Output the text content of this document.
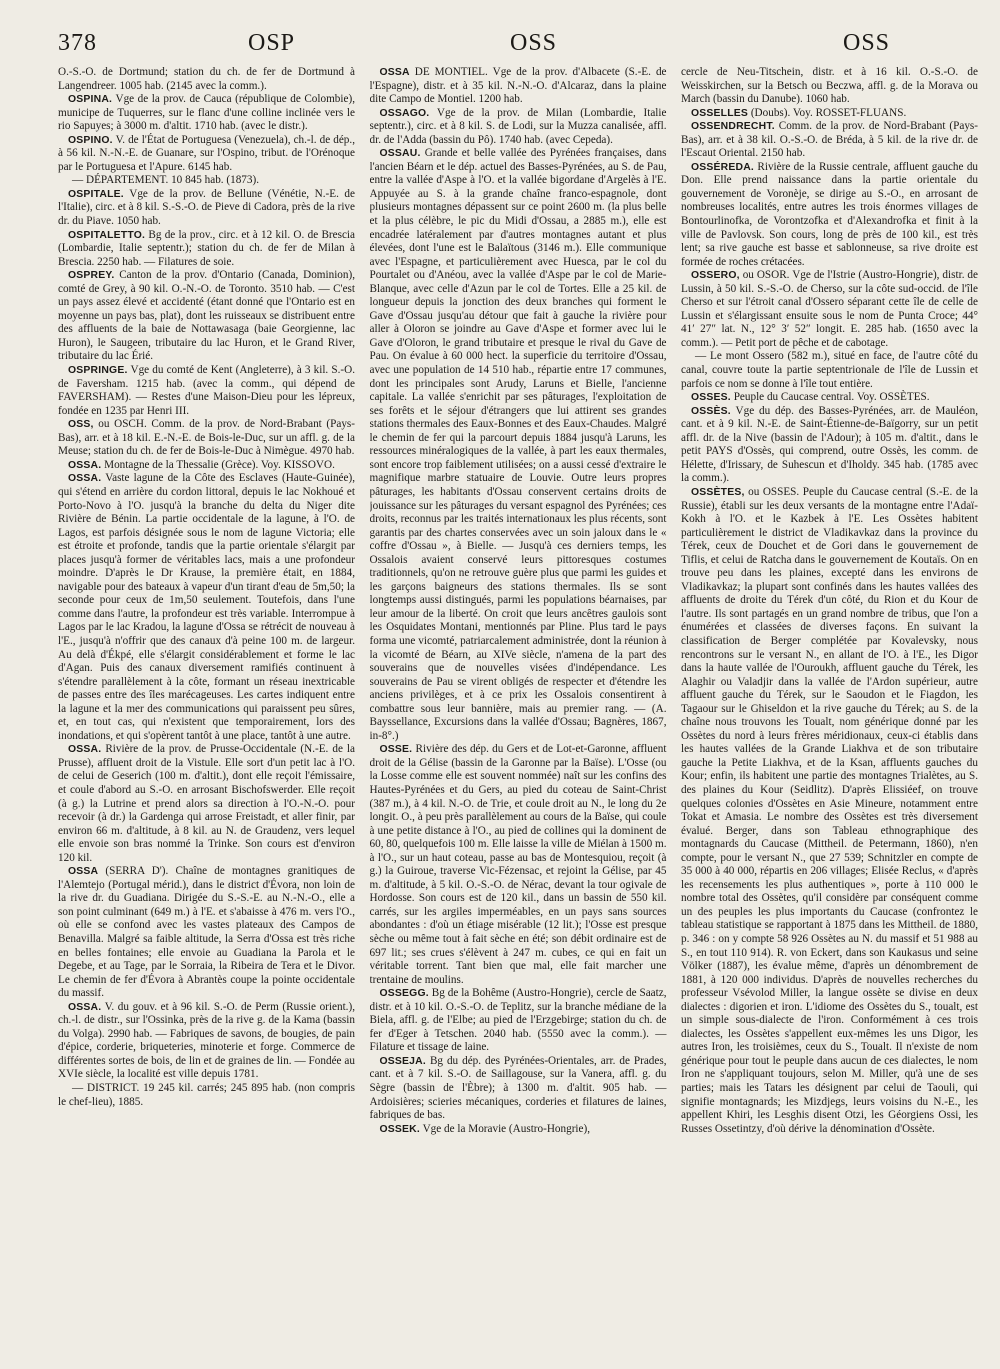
378	OSP	OSS	OSS

O.-S.-O. de Dortmund; station du ch. de fer de Dortmund à Langendreer. 1005 hab. (2145 avec la comm.).

OSPINA. Vge de la prov. de Cauca (république de Colombie), municipe de Tuquerres, sur le flanc d'une colline inclinée vers le rio Sapuyes; à 3000 m. d'altit. 1710 hab. (avec le distr.).

OSPINO. V. de l'État de Portuguesa (Venezuela), ch.-l. de dép., à 56 kil. N.-N.-E. de Guanare, sur l'Ospino, tribut. de l'Orénoque par le Portuguesa et l'Apure. 6145 hab.

— DÉPARTEMENT. 10 845 hab. (1873).

OSPITALE. Vge de la prov. de Bellune (Vénétie, N.-E. de l'Italie), circ. et à 8 kil. S.-S.-O. de Pieve di Cadora, près de la rive dr. du Piave. 1050 hab.

OSPITALETTO. Bg de la prov., circ. et à 12 kil. O. de Brescia (Lombardie, Italie septentr.); station du ch. de fer de Milan à Brescia. 2250 hab. — Filatures de soie.

OSPREY. Canton de la prov. d'Ontario (Canada, Dominion), comté de Grey, à 90 kil. O.-N.-O. de Toronto. 3510 hab. — C'est un pays assez élevé et accidenté (étant donné que l'Ontario est en moyenne un pays bas, plat), dont les ruisseaux se distribuent entre des affluents de la baie de Nottawasaga (baie Georgienne, lac Huron), le Saugeen, tributaire du lac Huron, et le Grand River, tributaire du lac Érié.

OSPRINGE. Vge du comté de Kent (Angleterre), à 3 kil. S.-O. de Faversham. 1215 hab. (avec la comm., qui dépend de FAVERSHAM). — Restes d'une Maison-Dieu pour les lépreux, fondée en 1235 par Henri III.

OSS, ou OSCH. Comm. de la prov. de Nord-Brabant (Pays-Bas), arr. et à 18 kil. E.-N.-E. de Bois-le-Duc, sur un affl. g. de la Meuse; station du ch. de fer de Bois-le-Duc à Nimègue. 4970 hab.

OSSA. Montagne de la Thessalie (Grèce). Voy. KISSOVO.

OSSA. Vaste lagune de la Côte des Esclaves (Haute-Guinée), qui s'étend en arrière du cordon littoral, depuis le lac Nokhoué et Porto-Novo à l'O. jusqu'à la branche du delta du Niger dite Rivière de Bénin. La partie occidentale de la lagune, à l'O. de Lagos, est parfois désignée sous le nom de lagune Victoria; elle est étroite et profonde, tandis que la partie orientale s'élargit par places jusqu'à former de véritables lacs, mais a une profondeur moindre. D'après le Dr Krause, la première était, en 1884, navigable pour des bateaux à vapeur d'un tirant d'eau de 5m,50; la seconde pour ceux de 1m,50 seulement. Toutefois, dans l'une comme dans l'autre, la profondeur est très variable. Interrompue à Lagos par le lac Kradou, la lagune d'Ossa se rétrécit de nouveau à l'E., jusqu'à n'offrir que des canaux d'à peine 100 m. de largeur. Au delà d'Ékpé, elle s'élargit considérablement et forme le lac d'Agan. Puis des canaux diversement ramifiés continuent à s'étendre parallèlement à la côte, formant un réseau inextricable de passes entre des îles marécageuses. Les cartes indiquent entre la lagune et la mer des communications qui paraissent peu sûres, et, en tout cas, qui n'existent que temporairement, lors des inondations, et qui s'opèrent tantôt à une place, tantôt à une autre.

OSSA. Rivière de la prov. de Prusse-Occidentale (N.-E. de la Prusse), affluent droit de la Vistule. Elle sort d'un petit lac à l'O. de celui de Geserich (100 m. d'altit.), dont elle reçoit l'émissaire, et coule d'abord au S.-O. en arrosant Bischofswerder. Elle reçoit (à g.) la Lutrine et prend alors sa direction à l'O.-N.-O. pour recevoir (à dr.) la Gardenga qui arrose Freistadt, et aller finir, par environ 66 m. d'altitude, à 8 kil. au N. de Graudenz, vers lequel elle envoie son bras nommé la Trinke. Son cours est d'environ 120 kil.

OSSA (SERRA D'). Chaîne de montagnes granitiques de l'Alemtejo (Portugal mérid.), dans le district d'Évora, non loin de la rive dr. du Guadiana. Dirigée du S.-S.-E. au N.-N.-O., elle a son point culminant (649 m.) à l'E. et s'abaisse à 476 m. vers l'O., où elle se confond avec les vastes plateaux des Campos de Benavilla. Malgré sa faible altitude, la Serra d'Ossa est très riche en belles fontaines; elle envoie au Guadiana la Parola et le Degebe, et au Tage, par le Sorraia, la Ribeira de Tera et le Divor. Le chemin de fer d'Évora à Abrantès coupe la pointe occidentale du massif.

OSSA. V. du gouv. et à 96 kil. S.-O. de Perm (Russie orient.), ch.-l. de distr., sur l'Ossinka, près de la rive g. de la Kama (bassin du Volga). 2990 hab. — Fabriques de savons, de bougies, de pain d'épice, corderie, briqueteries, minoterie et forge. Commerce de différentes sortes de bois, de lin et de graines de lin. — Fondée au XVIe siècle, la localité est ville depuis 1781.

— DISTRICT. 19 245 kil. carrés; 245 895 hab. (non compris le chef-lieu), 1885.

OSSA DE MONTIEL. Vge de la prov. d'Albacete (S.-E. de l'Espagne), distr. et à 35 kil. N.-N.-O. d'Alcaraz, dans la plaine dite Campo de Montiel. 1200 hab.

OSSAGO. Vge de la prov. de Milan (Lombardie, Italie septentr.), circ. et à 8 kil. S. de Lodi, sur la Muzza canalisée, affl. dr. de l'Adda (bassin du Pô). 1740 hab. (avec Cepeda).

OSSAU. Grande et belle vallée des Pyrénées françaises, dans l'ancien Béarn et le dép. actuel des Basses-Pyrénées, au S. de Pau, entre la vallée d'Aspe à l'O. et la vallée bigordane d'Argelès à l'E. Appuyée au S. à la grande chaîne franco-espagnole, dont plusieurs montagnes dépassent sur ce point 2600 m. (la plus belle et la plus célèbre, le pic du Midi d'Ossau, a 2885 m.), elle est encadrée latéralement par d'autres montagnes autant et plus élevées, dont l'une est le Balaïtous (3146 m.). Elle communique avec l'Espagne, et particulièrement avec Huesca, par le col du Pourtalet ou d'Anéou, avec la vallée d'Aspe par le col de Marie-Blanque, avec celle d'Azun par le col de Tortes. Elle a 25 kil. de longueur depuis la jonction des deux branches qui forment le Gave d'Ossau jusqu'au détour que fait à gauche la rivière pour aller à Oloron se joindre au Gave d'Aspe et former avec lui le Gave d'Oloron, le grand tributaire et presque le rival du Gave de Pau. On évalue à 60 000 hect. la superficie du territoire d'Ossau, avec une population de 14 510 hab., répartie entre 17 communes, dont les principales sont Arudy, Laruns et Bielle, l'ancienne capitale. La vallée s'enrichit par ses pâturages, l'exploitation de ses forêts et le séjour d'étrangers que lui attirent ses grandes stations thermales des Eaux-Bonnes et des Eaux-Chaudes. Malgré le chemin de fer qui la parcourt depuis 1884 jusqu'à Laruns, les ressources minéralogiques de la vallée, à part les eaux thermales, sont encore trop faiblement utilisées; on a aussi cessé d'extraire le magnifique marbre statuaire de Louvie. Outre leurs propres pâturages, les habitants d'Ossau conservent certains droits de jouissance sur les pâturages du versant espagnol des Pyrénées; ces droits, reconnus par les traités internationaux les plus récents, sont garantis par des chartes conservées avec un soin jaloux dans le « coffre d'Ossau », à Bielle. — Jusqu'à ces derniers temps, les Ossalois avaient conservé leurs pittoresques costumes traditionnels, qu'on ne retrouve guère plus que parmi les guides et les garçons baigneurs des stations thermales. Ils se sont longtemps aussi distingués, parmi les populations béarnaises, par leur amour de la liberté. On croit que leurs ancêtres gaulois sont les Osquidates Montani, mentionnés par Pline. Plus tard le pays forma une vicomté, patriarcalement administrée, dont la réunion à la vicomté de Béarn, au XIVe siècle, n'amena de la part des souverains que de nouvelles visées d'indépendance. Les souverains de Pau se virent obligés de respecter et d'étendre les anciens privilèges, et à ce prix les Ossalois consentirent à combattre sous leur bannière, mais au premier rang. — (A. Bayssellance, Excursions dans la vallée d'Ossau; Bagnères, 1867, in-8°.)

OSSE. Rivière des dép. du Gers et de Lot-et-Garonne, affluent droit de la Gélise (bassin de la Garonne par la Baïse). L'Osse (ou la Losse comme elle est souvent nommée) naît sur les confins des Hautes-Pyrénées et du Gers, au pied du coteau de Saint-Christ (387 m.), à 4 kil. N.-O. de Trie, et coule droit au N., le long du 2e longit. O., à peu près parallèlement au cours de la Baïse, qui coule à une petite distance à l'O., au pied de collines qui la dominent de 60, 80, quelquefois 100 m. Elle laisse la ville de Miélan à 1500 m. à l'O., sur un haut coteau, passe au bas de Montesquiou, reçoit (à g.) la Guiroue, traverse Vic-Fézensac, et rejoint la Gélise, par 45 m. d'altitude, à 5 kil. O.-S.-O. de Nérac, devant la tour ogivale de Hordosse. Son cours est de 120 kil., dans un bassin de 550 kil. carrés, sur les argiles imperméables, en un pays sans sources abondantes : d'où un étiage misérable (12 lit.); l'Osse est presque sèche ou même tout à fait sèche en été; son débit ordinaire est de 697 lit.; ses crues s'élèvent à 247 m. cubes, ce qui en fait un véritable torrent. Tant bien que mal, elle fait marcher une trentaine de moulins.

OSSEGG. Bg de la Bohême (Austro-Hongrie), cercle de Saatz, distr. et à 10 kil. O.-S.-O. de Teplitz, sur la branche médiane de la Biela, affl. g. de l'Elbe; au pied de l'Erzgebirge; station du ch. de fer d'Eger à Tetschen. 2040 hab. (5550 avec la comm.). — Filature et tissage de laine.

OSSEJA. Bg du dép. des Pyrénées-Orientales, arr. de Prades, cant. et à 7 kil. S.-O. de Saillagouse, sur la Vanera, affl. g. du Sègre (bassin de l'Èbre); à 1300 m. d'altit. 905 hab. — Ardoisières; scieries mécaniques, corderies et filatures de laines, fabriques de bas.

OSSEK. Vge de la Moravie (Austro-Hongrie),

cercle de Neu-Titschein, distr. et à 16 kil. O.-S.-O. de Weisskirchen, sur la Betsch ou Beczwa, affl. g. de la Morava ou March (bassin du Danube). 1060 hab.

OSSELLES (Doubs). Voy. ROSSET-FLUANS.

OSSENDRECHT. Comm. de la prov. de Nord-Brabant (Pays-Bas), arr. et à 38 kil. O.-S.-O. de Bréda, à 5 kil. de la rive dr. de l'Escaut Oriental. 2150 hab.

OSSÉREDA. Rivière de la Russie centrale, affluent gauche du Don. Elle prend naissance dans la partie orientale du gouvernement de Voronèje, se dirige au S.-O., en arrosant de nombreuses localités, entre autres les trois énormes villages de Bontourlinofka, de Vorontzofka et d'Alexandrofka et finit à la ville de Pavlovsk. Son cours, long de près de 100 kil., est très lent; sa rive gauche est basse et sablonneuse, sa rive droite est formée de roches crétacées.

OSSERO, ou OSOR. Vge de l'Istrie (Austro-Hongrie), distr. de Lussin, à 50 kil. S.-S.-O. de Cherso, sur la côte sud-occid. de l'île Cherso et sur l'étroit canal d'Ossero séparant cette île de celle de Lussin et s'élargissant ensuite sous le nom de Punta Croce; 44° 41′ 27″ lat. N., 12° 3′ 52″ longit. E. 285 hab. (1650 avec la comm.). — Petit port de pêche et de cabotage.

— Le mont Ossero (582 m.), situé en face, de l'autre côté du canal, couvre toute la partie septentrionale de l'île de Lussin et parfois ce nom se donne à l'île tout entière.

OSSES. Peuple du Caucase central. Voy. OSSÈTES.

OSSÈS. Vge du dép. des Basses-Pyrénées, arr. de Mauléon, cant. et à 9 kil. N.-E. de Saint-Étienne-de-Baïgorry, sur un petit affl. dr. de la Nive (bassin de l'Adour); à 105 m. d'altit., dans le petit PAYS d'Ossès, qui comprend, outre Ossès, les comm. de Hélette, d'Irissary, de Suhescun et d'Iholdy. 345 hab. (1785 avec la comm.).

OSSÈTES, ou OSSES. Peuple du Caucase central (S.-E. de la Russie), établi sur les deux versants de la montagne entre l'Adaï-Kokh à l'O. et le Kazbek à l'E. Les Ossètes habitent particulièrement le district de Vladikavkaz dans la province du Térek, ceux de Douchet et de Gori dans le gouvernement de Tiflis, et celui de Ratcha dans le gouvernement de Koutaïs. On en trouve peu dans les plaines, excepté dans les environs de Vladikavkaz; la plupart sont confinés dans les hautes vallées des affluents de droite du Térek d'un côté, du Rion et du Kour de l'autre. Ils sont partagés en un grand nombre de tribus, que l'on a énumérées et classées de diverses façons. En suivant la classification de Berger complétée par Kovalevsky, nous rencontrons sur le versant N., en allant de l'O. à l'E., les Digor dans la haute vallée de l'Ouroukh, affluent gauche du Térek, les Alaghir ou Valadjir dans la vallée de l'Ardon supérieur, autre affluent gauche du Térek, sur le Saoudon et le Fiagdon, les Tagaour sur le Ghiseldon et la rive gauche du Térek; au S. de la chaîne nous trouvons les Toualt, nom générique donné par les Ossètes du nord à leurs frères méridionaux, ceux-ci établis dans les hautes vallées de la Grande Liakhva et de son tributaire gauche la Petite Liakhva, et de la Ksan, affluents gauches du Kour; enfin, ils habitent une partie des montagnes Trialètes, au S. des plaines du Kour (Seidlitz). D'après Elissiéef, on trouve quelques colonies d'Ossètes en Asie Mineure, notamment entre Tokat et Amasia. Le nombre des Ossètes est très diversement évalué. Berger, dans son Tableau ethnographique des montagnards du Caucase (Mittheil. de Petermann, 1860), n'en compte, pour le versant N., que 27 539; Schnitzler en compte de 35 000 à 40 000, répartis en 206 villages; Elisée Reclus, « d'après les recensements les plus authentiques », porte à 110 000 le nombre total des Ossètes, qu'il considère par conséquent comme un des peuples les plus importants du Caucase (confrontez le tableau statistique se rapportant à 1875 dans les Mittheil. de 1880, p. 346 : on y compte 58 926 Ossètes au N. du massif et 51 988 au S., en tout 110 914). R. von Eckert, dans son Kaukasus und seine Völker (1887), les évalue même, d'après un dénombrement de 1881, à 120 000 individus. D'après de nouvelles recherches du professeur Vsévolod Miller, la langue ossète se divise en deux dialectes : digorien et iron. L'idiome des Ossètes du S., toualt, est un simple sous-dialecte de l'iron. Conformément à ces trois dialectes, les Ossètes s'appellent eux-mêmes les uns Digor, les autres Iron, les troisièmes, ceux du S., Toualt. Il n'existe de nom générique pour tout le peuple dans aucun de ces dialectes, le nom Iron ne s'appliquant toujours, selon M. Miller, qu'à une de ses parties; mais les Tatars les désignent par celui de Taouli, qui signifie montagnards; les Mizdjegs, leurs voisins du N.-E., les appellent Khiri, les Lesghis disent Otzi, les Géorgiens Ossi, les Russes Ossetintzy, d'où dérive la dénomination d'Ossète.
